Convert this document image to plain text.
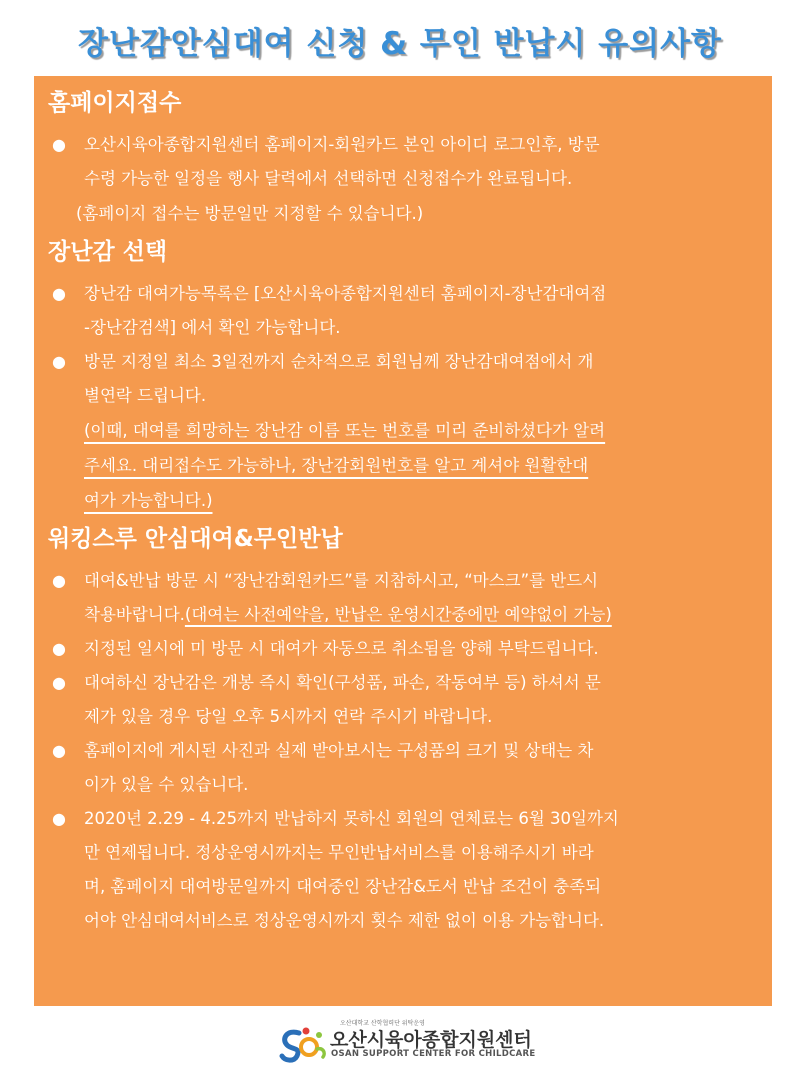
장난감안심대여 신청 & 무인 반납시 유의사항
홈페이지접수
● 오산시육아종합지원센터 홈페이지-회원카드 본인 아이디 로그인후, 방문
수령 가능한 일정을 행사 달력에서 선택하면 신청접수가 완료됩니다.
(홈페이지 접수는 방문일만 지정할 수 있습니다.)
장난감 선택
● 장난감 대여가능목록은 [오산시육아종합지원센터 홈페이지-장난감대여점
-장난감검색] 에서 확인 가능합니다.
● 방문 지정일 최소 3일전까지 순차적으로 회원님께 장난감대여점에서 개
별연락 드립니다.
(이때, 대여를 희망하는 장난감 이름 또는 번호를 미리 준비하셨다가 알려
주세요. 대리접수도 가능하나, 장난감회원번호를 알고 계셔야 원활한대
여가 가능합니다.)
워킹스루 안심대여&무인반납
● 대여&반납 방문 시 “장난감회원카드”를 지참하시고, “마스크”를 반드시
착용바랍니다.(대여는 사전예약을, 반납은 운영시간중에만 예약없이 가능)
● 지정된 일시에 미 방문 시 대여가 자동으로 취소됨을 양해 부탁드립니다.
● 대여하신 장난감은 개봉 즉시 확인(구성품, 파손, 작동여부 등) 하셔서 문
제가 있을 경우 당일 오후 5시까지 연락 주시기 바랍니다.
● 홈페이지에 게시된 사진과 실제 받아보시는 구성품의 크기 및 상태는 차
이가 있을 수 있습니다.
● 2020년 2.29 - 4.25까지 반납하지 못하신 회원의 연체료는 6월 30일까지
만 연제됩니다. 정상운영시까지는 무인반납서비스를 이용해주시기 바라
며, 홈페이지 대여방문일까지 대여중인 장난감&도서 반납 조건이 충족되
어야 안심대여서비스로 정상운영시까지 횟수 제한 없이 이용 가능합니다.
오산대학교 산학협력단 위탁운영
오산시육아종합지원센터
OSAN SUPPORT CENTER FOR CHILDCARE
